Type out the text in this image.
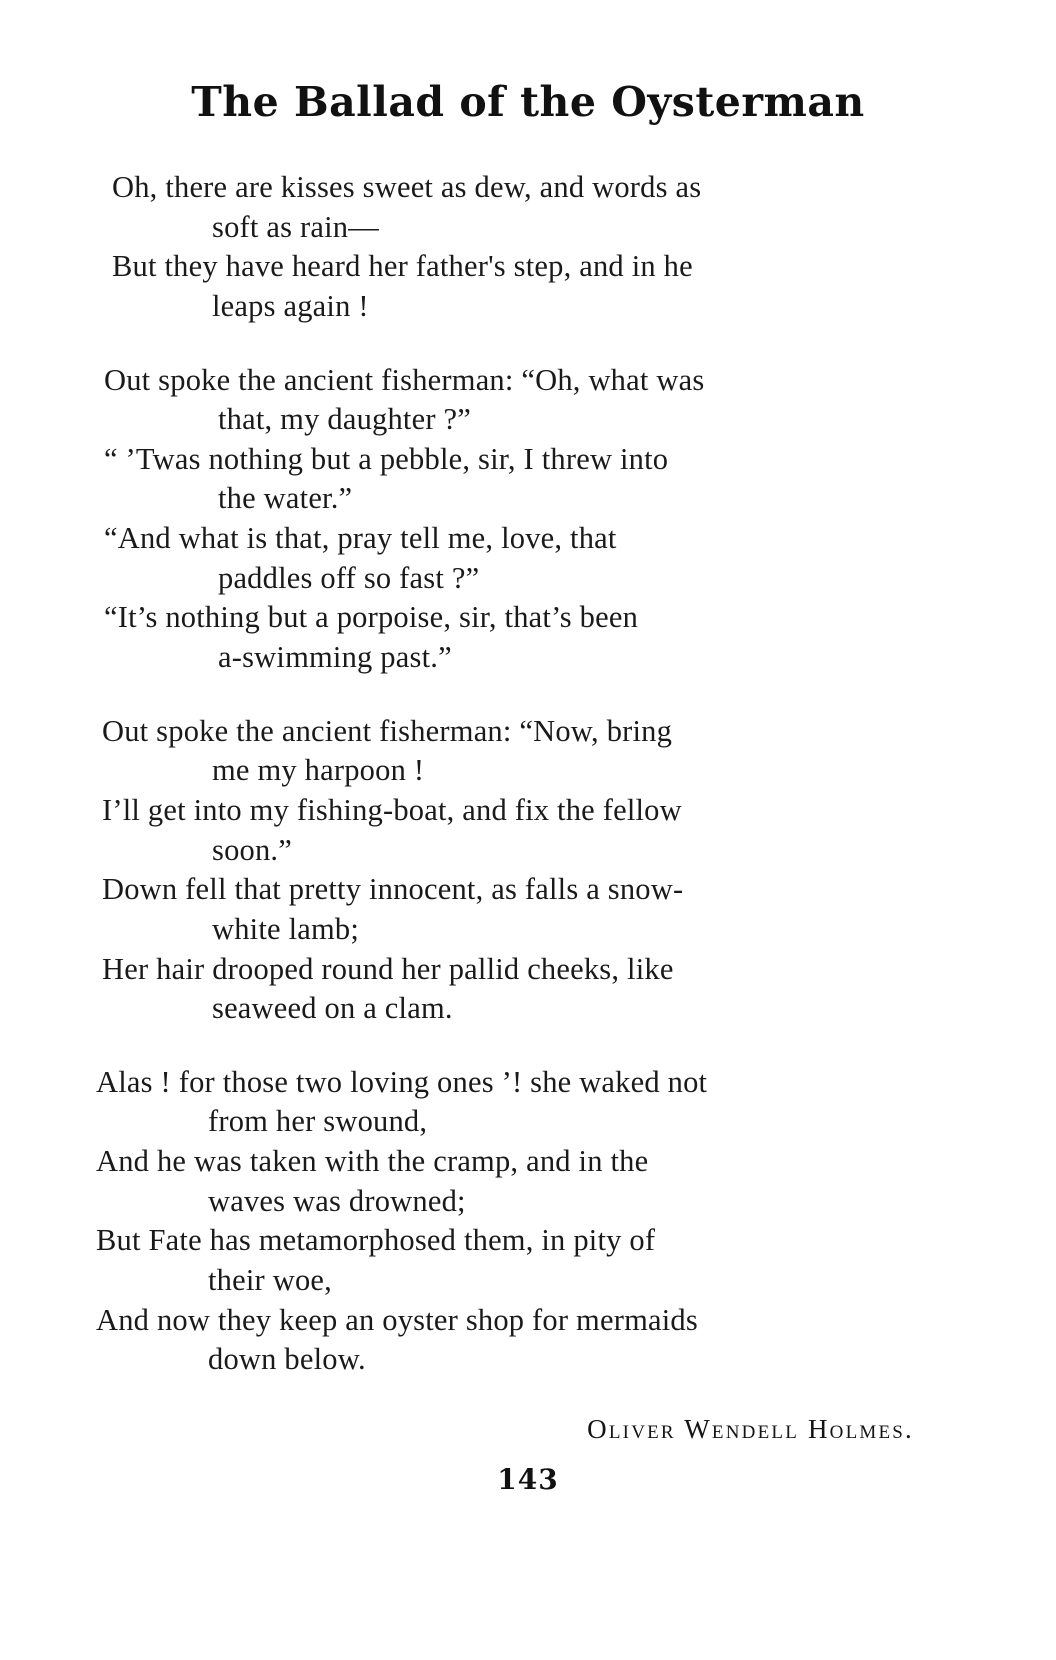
The Ballad of the Oysterman
Oh, there are kisses sweet as dew, and words as
soft as rain—
But they have heard her father's step, and in he
leaps again !
Out spoke the ancient fisherman: “Oh, what was
that, my daughter ?”
“ ’Twas nothing but a pebble, sir, I threw into
the water.”
“And what is that, pray tell me, love, that
paddles off so fast ?”
“It’s nothing but a porpoise, sir, that’s been
a-swimming past.”
Out spoke the ancient fisherman: “Now, bring
me my harpoon !
I’ll get into my fishing-boat, and fix the fellow
soon.”
Down fell that pretty innocent, as falls a snow-
white lamb;
Her hair drooped round her pallid cheeks, like
seaweed on a clam.
Alas ! for those two loving ones ’! she waked not
from her swound,
And he was taken with the cramp, and in the
waves was drowned;
But Fate has metamorphosed them, in pity of
their woe,
And now they keep an oyster shop for mermaids
down below.
Oliver Wendell Holmes.
143
